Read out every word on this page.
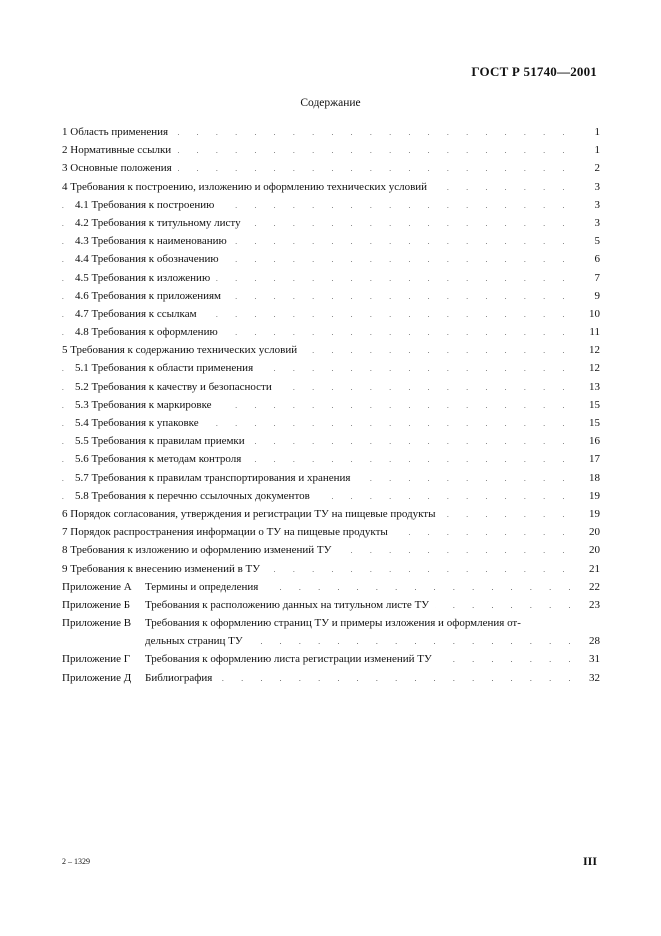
ГОСТ Р 51740—2001
Содержание
.
1 Область применения	1
.
2 Нормативные ссылки	1
.
3 Основные положения	2
.
4 Требования к построению, изложению и оформлению технических условий	3
.
4.1 Требования к построению	3
.
4.2 Требования к титульному листу	3
.
4.3 Требования к наименованию	5
.
4.4 Требования к обозначению	6
.
4.5 Требования к изложению	7
.
4.6 Требования к приложениям	9
.
4.7 Требования к ссылкам	10
.
4.8 Требования к оформлению	11
.
5 Требования к содержанию технических условий	12
.
5.1 Требования к области применения	12
.
5.2 Требования к качеству и безопасности	13
.
5.3 Требования к маркировке	15
.
5.4 Требования к упаковке	15
.
5.5 Требования к правилам приемки	16
.
5.6 Требования к методам контроля	17
.
5.7 Требования к правилам транспортирования и хранения	18
.
5.8 Требования к перечню ссылочных документов	19
.
6 Порядок согласования, утверждения и регистрации ТУ на пищевые продукты	19
.
7 Порядок распространения информации о ТУ на пищевые продукты	20
.
8 Требования к изложению и оформлению изменений ТУ	20
.
9 Требования к внесению изменений в ТУ	21
Приложение А . Термины и определения	22
Приложение Б . Требования к расположению данных на титульном листе ТУ	23
Приложение В
. Требования к оформлению страниц ТУ и примеры изложения и оформления от-
дельных страниц ТУ	28
Приложение Г . Требования к оформлению листа регистрации изменений ТУ	31
Приложение Д . Библиография	32
2 – 1329	III
